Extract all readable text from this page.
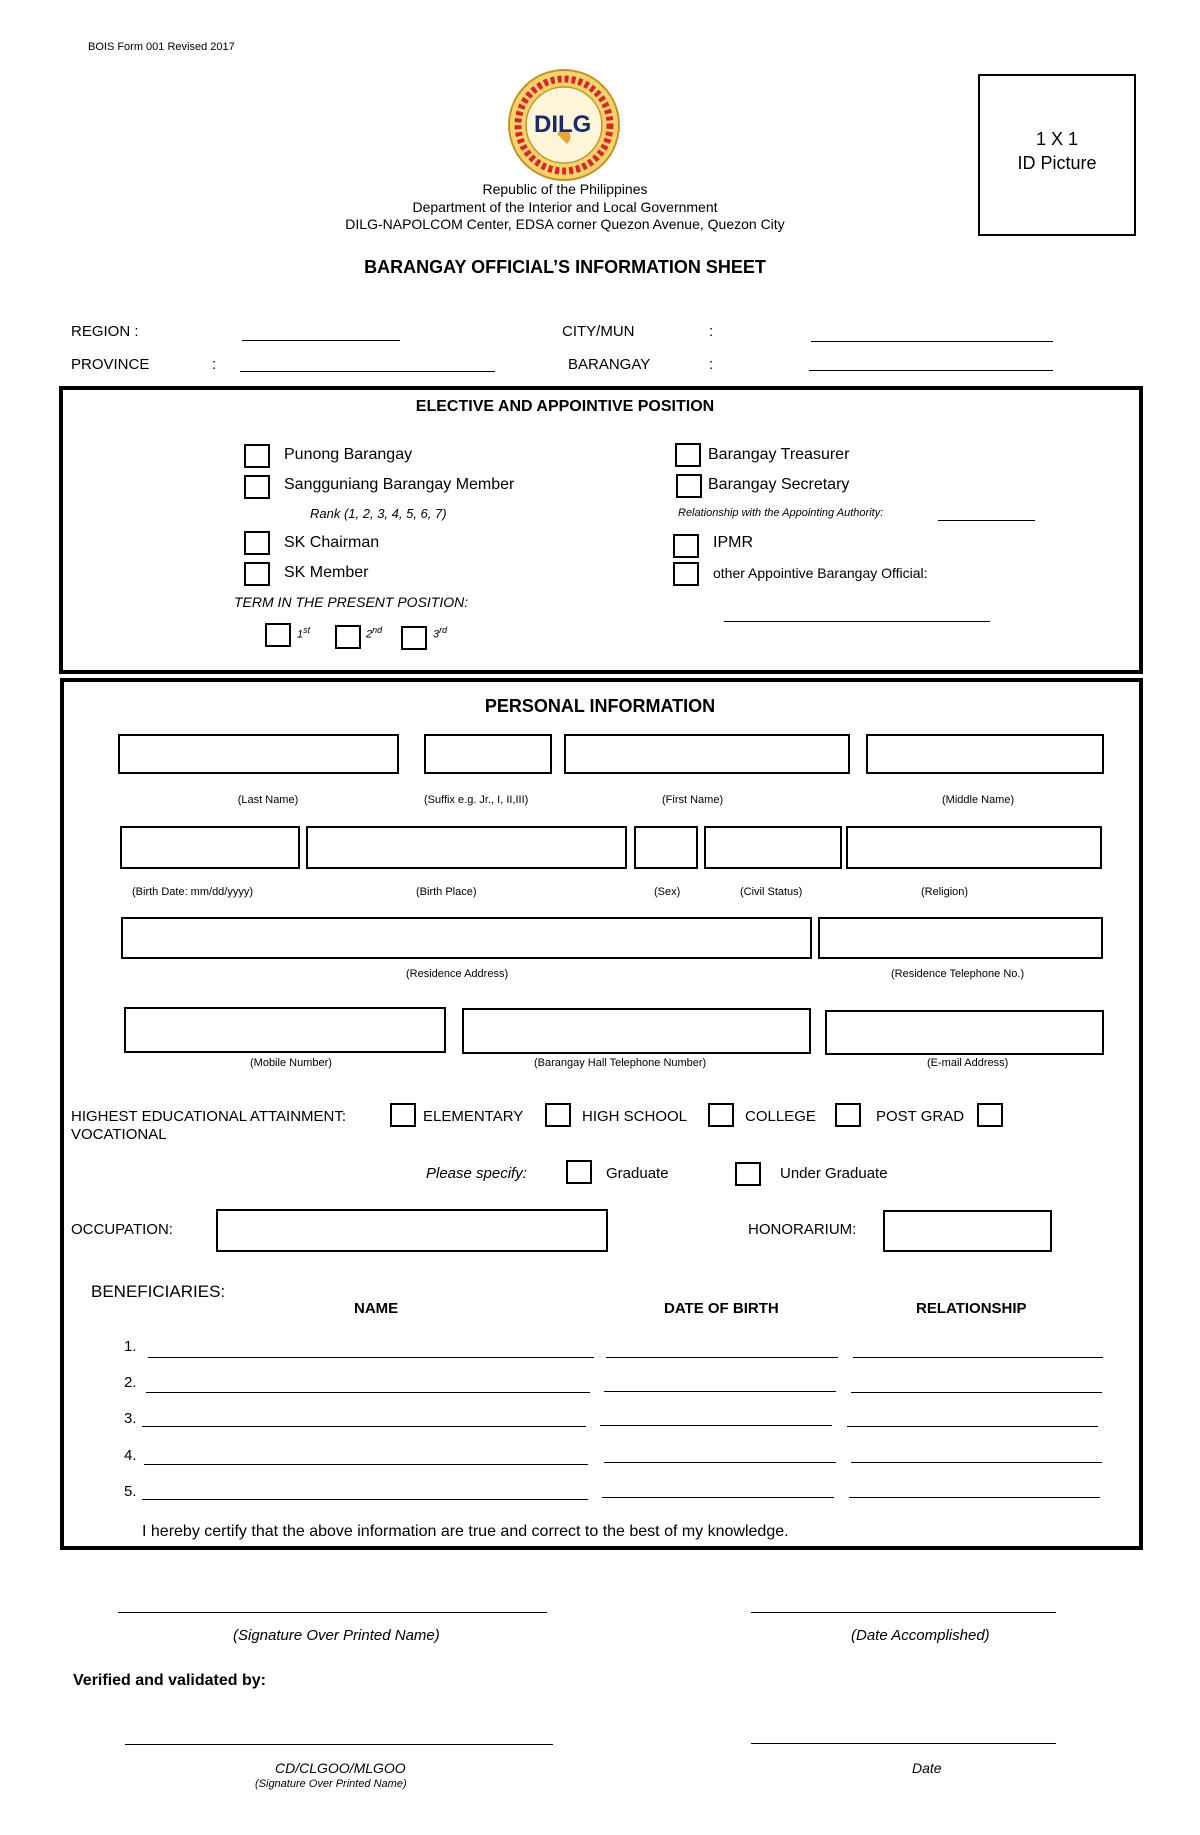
BOIS Form 001 Revised 2017
DILG
Republic of the Philippines
Department of the Interior and Local Government
DILG-NAPOLCOM Center, EDSA corner Quezon Avenue, Quezon City
BARANGAY OFFICIAL’S INFORMATION SHEET
1 X 1
ID Picture
REGION :
PROVINCE	:
CITY/MUN	:
BARANGAY	:
ELECTIVE AND APPOINTIVE POSITION
Punong Barangay
Sangguniang Barangay Member
Rank (1, 2, 3, 4, 5, 6, 7)
SK Chairman
SK Member
TERM IN THE PRESENT POSITION:
1st	2nd	3rd
Barangay Treasurer
Barangay Secretary
Relationship with the Appointing Authority:
IPMR
other Appointive Barangay Official:
PERSONAL INFORMATION
(Last Name)	(Suffix e.g. Jr., I, II,III)	(First Name)	(Middle Name)
(Birth Date: mm/dd/yyyy)	(Birth Place)	(Sex)	(Civil Status)	(Religion)
(Residence Address)	(Residence Telephone No.)
(Mobile Number)	(Barangay Hall Telephone Number)	(E-mail Address)
HIGHEST EDUCATIONAL ATTAINMENT:
VOCATIONAL
ELEMENTARY	HIGH SCHOOL	COLLEGE	POST GRAD
Please specify:	Graduate	Under Graduate
OCCUPATION:	HONORARIUM:
BENEFICIARIES:
NAME	DATE OF BIRTH	RELATIONSHIP
1.
2.
3.
4.
5.
I hereby certify that the above information are true and correct to the best of my knowledge.
(Signature Over Printed Name)	(Date Accomplished)
Verified and validated by:
CD/CLGOO/MLGOO
(Signature Over Printed Name)
Date
